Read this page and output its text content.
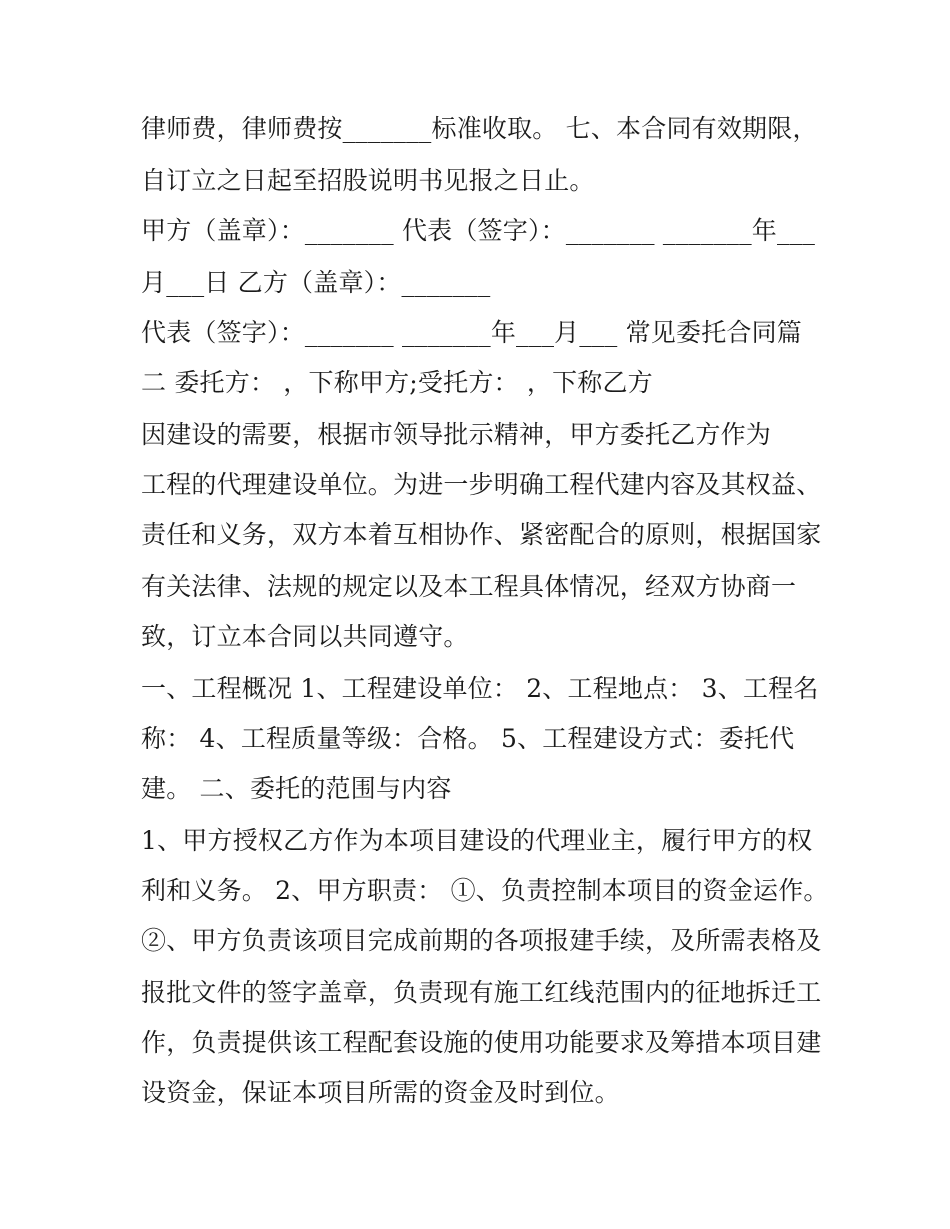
律师费，律师费按_______标准收取。 七、本合同有效期限，

自订立之日起至招股说明书见报之日止。

甲方（盖章）：_______ 代表（签字）：_______ _______年___

月___日 乙方（盖章）：_______

代表（签字）：_______ _______年___月___ 常见委托合同篇

二 委托方： ，下称甲方;受托方： ，下称乙方

因建设的需要，根据市领导批示精神，甲方委托乙方作为

工程的代理建设单位。为进一步明确工程代建内容及其权益、

责任和义务，双方本着互相协作、紧密配合的原则，根据国家

有关法律、法规的规定以及本工程具体情况，经双方协商一

致，订立本合同以共同遵守。

一、工程概况 1、工程建设单位： 2、工程地点： 3、工程名

称： 4、工程质量等级：合格。 5、工程建设方式：委托代

建。 二、委托的范围与内容

1、甲方授权乙方作为本项目建设的代理业主，履行甲方的权

利和义务。 2、甲方职责： ①、负责控制本项目的资金运作。

②、甲方负责该项目完成前期的各项报建手续，及所需表格及

报批文件的签字盖章，负责现有施工红线范围内的征地拆迁工

作，负责提供该工程配套设施的使用功能要求及筹措本项目建

设资金，保证本项目所需的资金及时到位。
